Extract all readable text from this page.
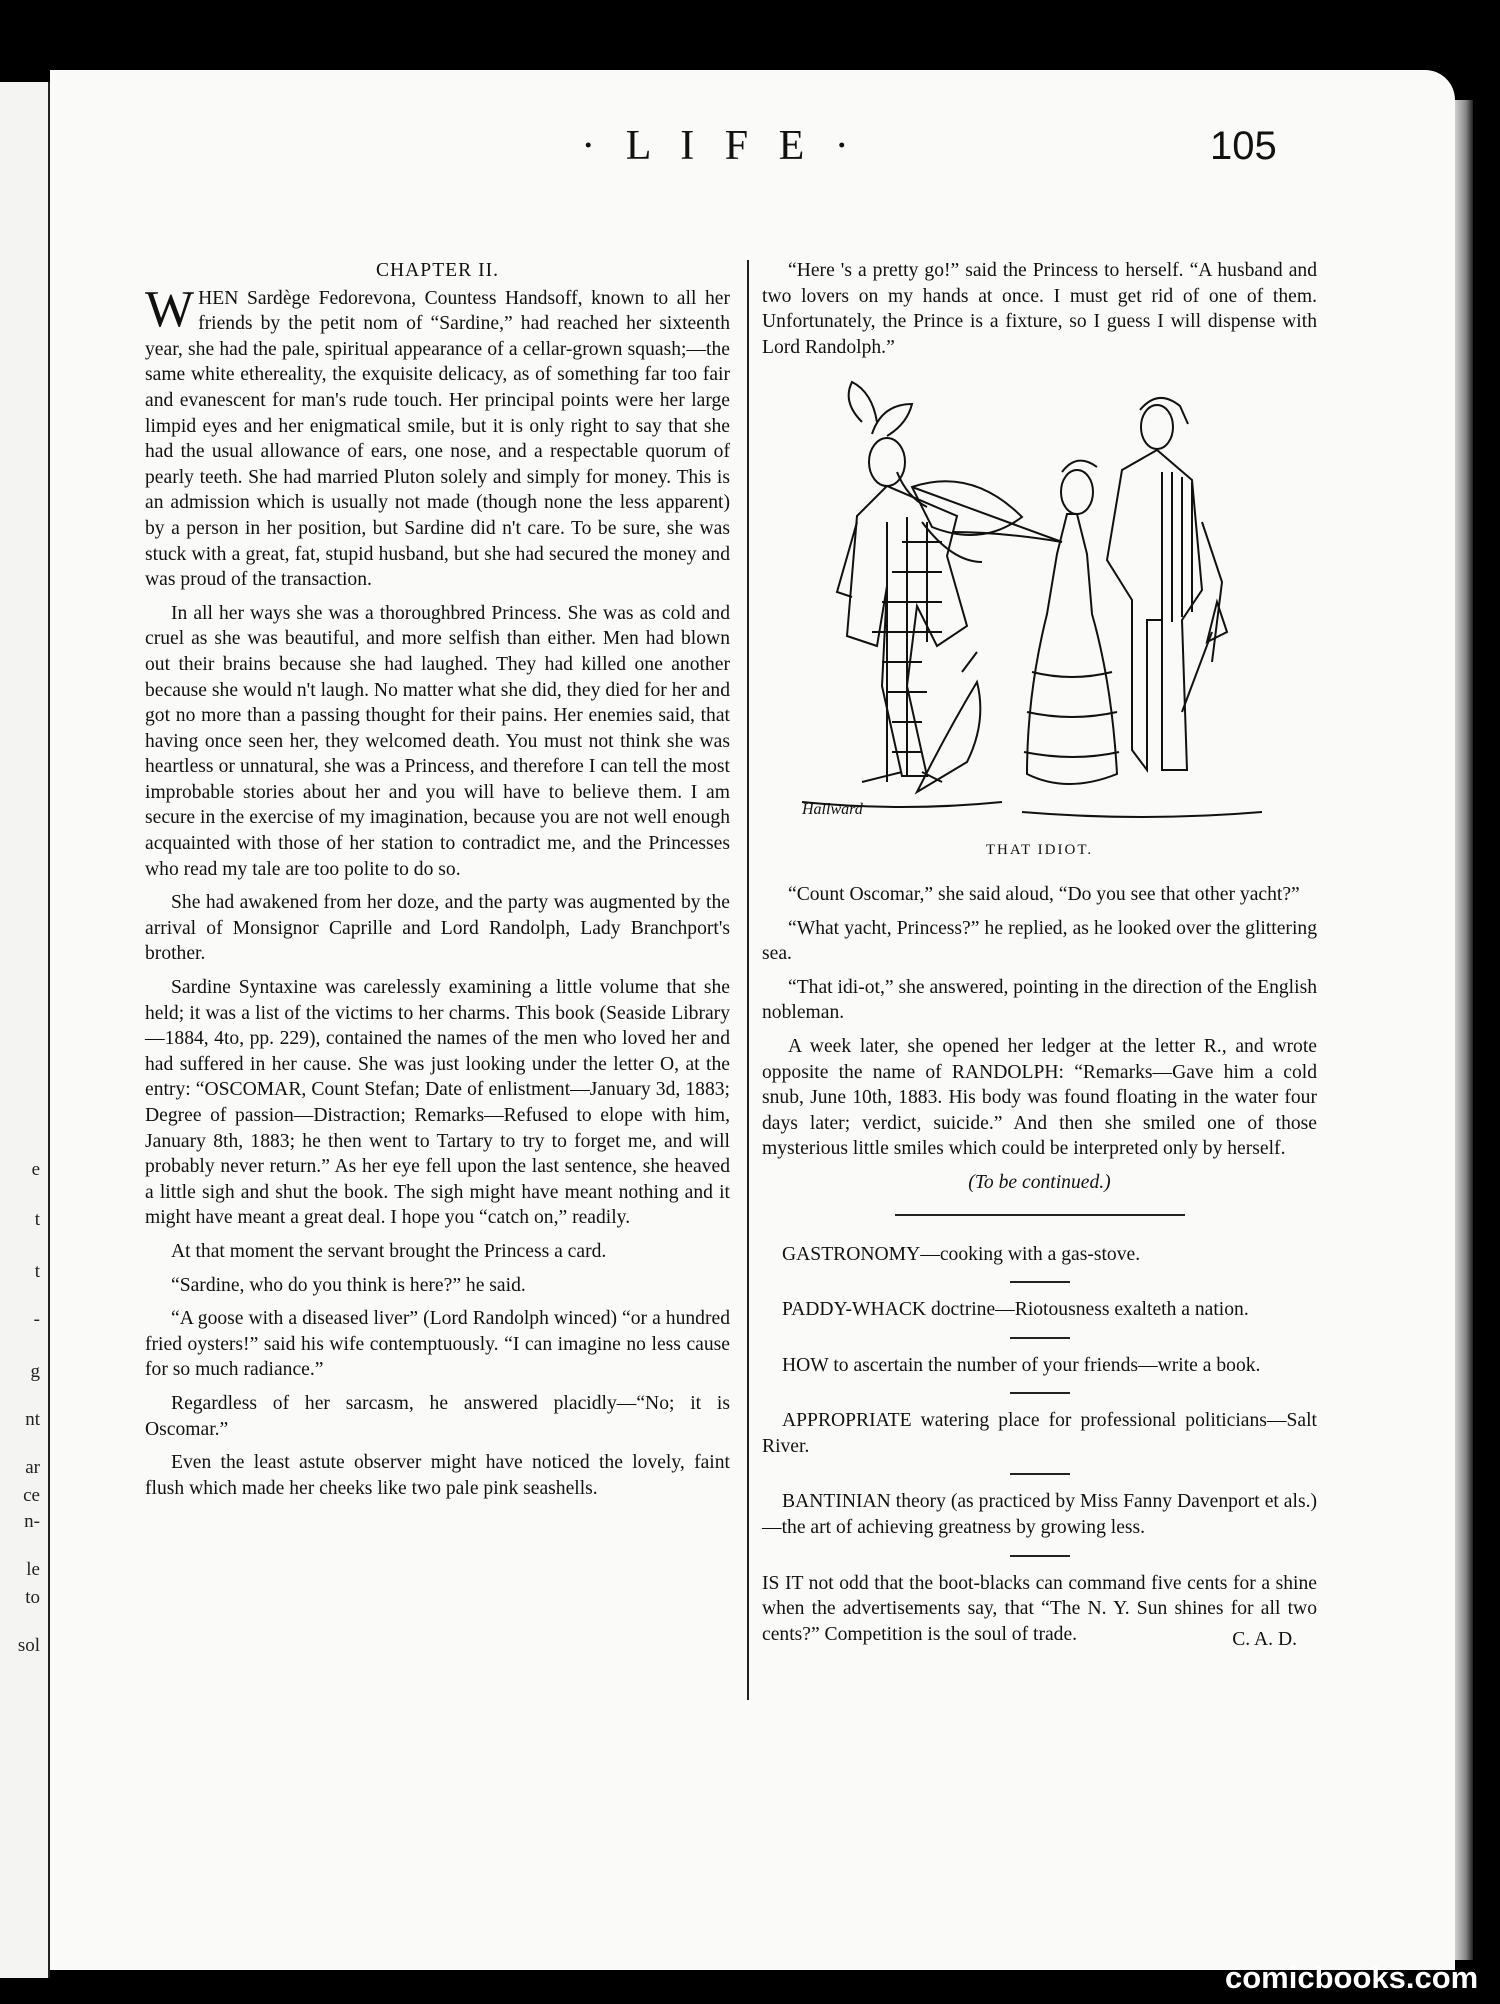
e
t
t
-
g
nt
ar
ce
n-
le
to
sol
· L I F E ·	105

CHAPTER II.

WHEN Sardège Fedorevona, Countess Handsoff, known to all her friends by the petit nom of “Sardine,” had reached her sixteenth year, she had the pale, spiritual appearance of a cellar-grown squash;—the same white ethereality, the exquisite delicacy, as of something far too fair and evanescent for man's rude touch. Her principal points were her large limpid eyes and her enigmatical smile, but it is only right to say that she had the usual allowance of ears, one nose, and a respectable quorum of pearly teeth. She had married Pluton solely and simply for money. This is an admission which is usually not made (though none the less apparent) by a person in her position, but Sardine did n't care. To be sure, she was stuck with a great, fat, stupid husband, but she had secured the money and was proud of the transaction.

In all her ways she was a thoroughbred Princess. She was as cold and cruel as she was beautiful, and more selfish than either. Men had blown out their brains because she had laughed. They had killed one another because she would n't laugh. No matter what she did, they died for her and got no more than a passing thought for their pains. Her enemies said, that having once seen her, they welcomed death. You must not think she was heartless or unnatural, she was a Princess, and therefore I can tell the most improbable stories about her and you will have to believe them. I am secure in the exercise of my imagination, because you are not well enough acquainted with those of her station to contradict me, and the Princesses who read my tale are too polite to do so.

She had awakened from her doze, and the party was augmented by the arrival of Monsignor Caprille and Lord Randolph, Lady Branchport's brother.

Sardine Syntaxine was carelessly examining a little volume that she held; it was a list of the victims to her charms. This book (Seaside Library—1884, 4to, pp. 229), contained the names of the men who loved her and had suffered in her cause. She was just looking under the letter O, at the entry: “OSCOMAR, Count Stefan; Date of enlistment—January 3d, 1883; Degree of passion—Distraction; Remarks—Refused to elope with him, January 8th, 1883; he then went to Tartary to try to forget me, and will probably never return.” As her eye fell upon the last sentence, she heaved a little sigh and shut the book. The sigh might have meant nothing and it might have meant a great deal. I hope you “catch on,” readily.

At that moment the servant brought the Princess a card.

“Sardine, who do you think is here?” he said.

“A goose with a diseased liver” (Lord Randolph winced) “or a hundred fried oysters!” said his wife contemptuously. “I can imagine no less cause for so much radiance.”

Regardless of her sarcasm, he answered placidly—“No; it is Oscomar.”

Even the least astute observer might have noticed the lovely, faint flush which made her cheeks like two pale pink seashells.

“Here 's a pretty go!” said the Princess to herself. “A husband and two lovers on my hands at once. I must get rid of one of them. Unfortunately, the Prince is a fixture, so I guess I will dispense with Lord Randolph.”

Hallward

THAT IDIOT.

“Count Oscomar,” she said aloud, “Do you see that other yacht?”

“What yacht, Princess?” he replied, as he looked over the glittering sea.

“That idi-ot,” she answered, pointing in the direction of the English nobleman.

A week later, she opened her ledger at the letter R., and wrote opposite the name of RANDOLPH: “Remarks—Gave him a cold snub, June 10th, 1883. His body was found floating in the water four days later; verdict, suicide.” And then she smiled one of those mysterious little smiles which could be interpreted only by herself.

(To be continued.)

GASTRONOMY—cooking with a gas-stove.

PADDY-WHACK doctrine—Riotousness exalteth a nation.

HOW to ascertain the number of your friends—write a book.

APPROPRIATE watering place for professional politicians—Salt River.

BANTINIAN theory (as practiced by Miss Fanny Davenport et als.)—the art of achieving greatness by growing less.

IS IT not odd that the boot-blacks can command five cents for a shine when the advertisements say, that “The N. Y. Sun shines for all two cents?” Competition is the soul of trade.	C. A. D.
comicbooks.com
